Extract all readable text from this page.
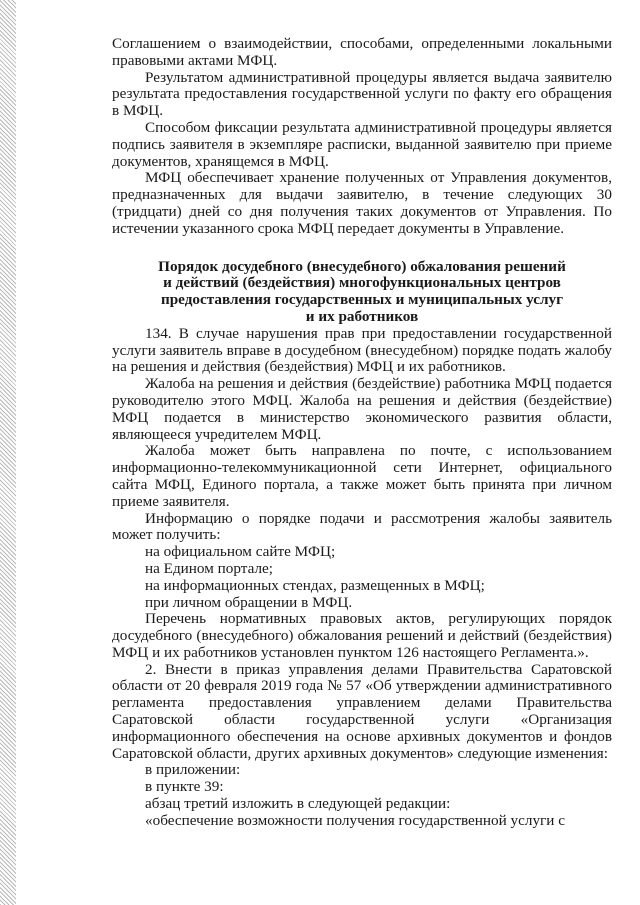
Соглашением о взаимодействии, способами, определенными локальными правовыми актами МФЦ.

Результатом административной процедуры является выдача заявителю результата предоставления государственной услуги по факту его обращения в МФЦ.

Способом фиксации результата административной процедуры является подпись заявителя в экземпляре расписки, выданной заявителю при приеме документов, хранящемся в МФЦ.

МФЦ обеспечивает хранение полученных от Управления документов, предназначенных для выдачи заявителю, в течение следующих 30 (тридцати) дней со дня получения таких документов от Управления. По истечении указанного срока МФЦ передает документы в Управление.

Порядок досудебного (внесудебного) обжалования решений
и действий (бездействия) многофункциональных центров
предоставления государственных и муниципальных услуг
и их работников

134. В случае нарушения прав при предоставлении государственной услуги заявитель вправе в досудебном (внесудебном) порядке подать жалобу на решения и действия (бездействия) МФЦ и их работников.

Жалоба на решения и действия (бездействие) работника МФЦ подается руководителю этого МФЦ. Жалоба на решения и действия (бездействие) МФЦ подается в министерство экономического развития области, являющееся учредителем МФЦ.

Жалоба может быть направлена по почте, с использованием информационно-телекоммуникационной сети Интернет, официального сайта МФЦ, Единого портала, а также может быть принята при личном приеме заявителя.

Информацию о порядке подачи и рассмотрения жалобы заявитель может получить:

на официальном сайте МФЦ;

на Едином портале;

на информационных стендах, размещенных в МФЦ;

при личном обращении в МФЦ.

Перечень нормативных правовых актов, регулирующих порядок досудебного (внесудебного) обжалования решений и действий (бездействия) МФЦ и их работников установлен пунктом 126 настоящего Регламента.».

2. Внести в приказ управления делами Правительства Саратовской области от 20 февраля 2019 года № 57 «Об утверждении административного регламента предоставления управлением делами Правительства Саратовской области государственной услуги «Организация информационного обеспечения на основе архивных документов и фондов Саратовской области, других архивных документов» следующие изменения:

в приложении:

в пункте 39:

абзац третий изложить в следующей редакции:

«обеспечение возможности получения государственной услуги с
